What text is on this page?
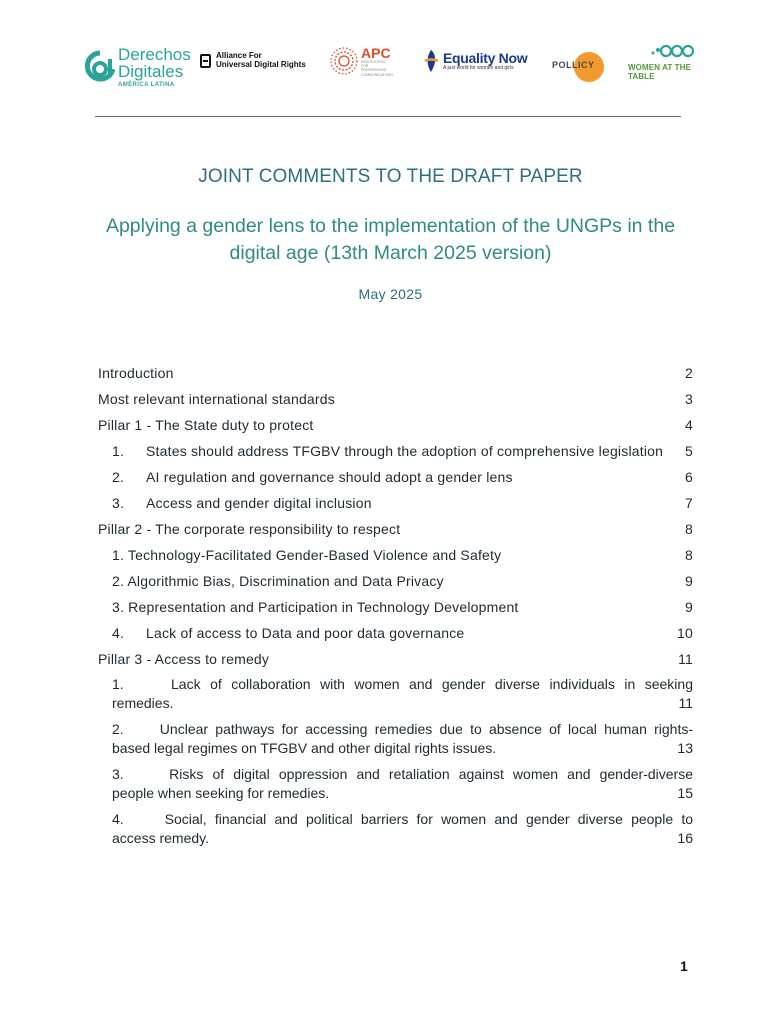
Derechos
Digitales
AMÉRICA LATINA
Alliance For
Universal Digital Rights
APC
ASSOCIATION FOR PROGRESSIVE COMMUNICATIONS
Equality Now
A just world for women and girls	POLLICY	WOMEN AT THE TABLE
JOINT COMMENTS TO THE DRAFT PAPER
Applying a gender lens to the implementation of the UNGPs in the
digital age (13th March 2025 version)
May 2025
Introduction	2
Most relevant international standards	3
Pillar 1 - The State duty to protect	4
1. States should address TFGBV through the adoption of comprehensive legislation 5
2. AI regulation and governance should adopt a gender lens	6
3. Access and gender digital inclusion	7
Pillar 2 - The corporate responsibility to respect	8
1. Technology-Facilitated Gender-Based Violence and Safety	8
2. Algorithmic Bias, Discrimination and Data Privacy	9
3. Representation and Participation in Technology Development	9
4. Lack of access to Data and poor data governance	10
Pillar 3 - Access to remedy	11
1.     Lack of collaboration with women and gender diverse individuals in seeking
remedies.	11
2.     Unclear pathways for accessing remedies due to absence of local human rights-
based legal regimes on TFGBV and other digital rights issues.	13
3.     Risks of digital oppression and retaliation against women and gender-diverse
people when seeking for remedies.	15
4.     Social, financial and political barriers for women and gender diverse people to
access remedy.	16
1
